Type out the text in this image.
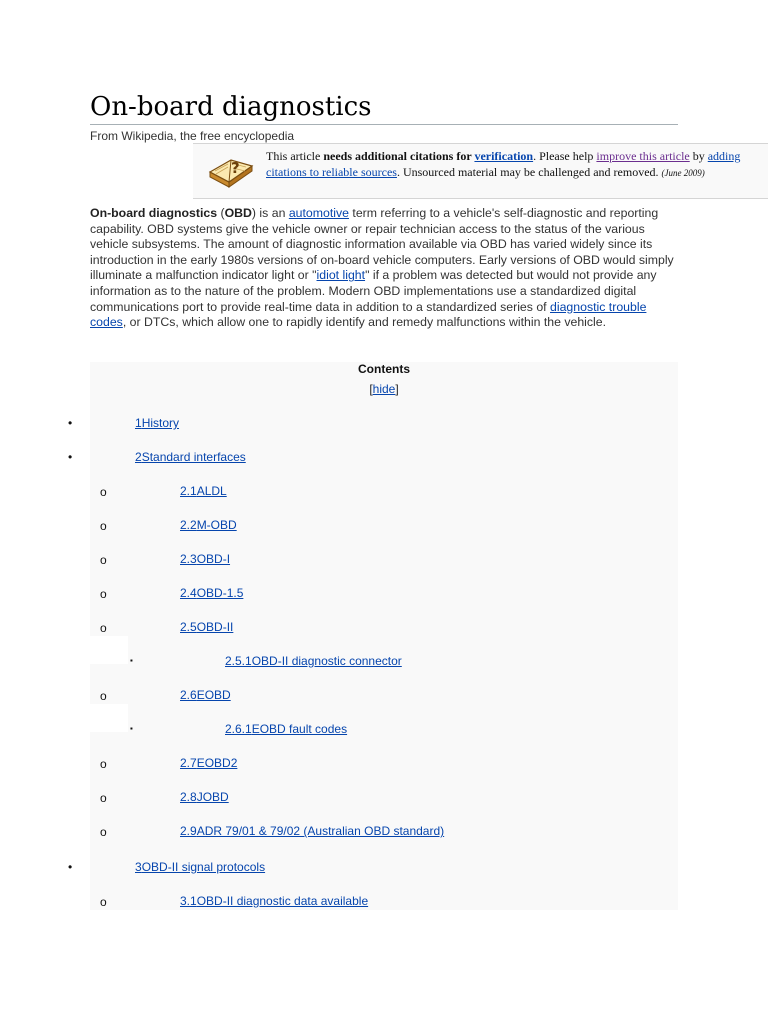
On-board diagnostics
From Wikipedia, the free encyclopedia
?
This article needs additional citations for verification. Please help improve this article by adding citations to reliable sources. Unsourced material may be challenged and removed. (June 2009)

On-board diagnostics (OBD) is an automotive term referring to a vehicle's self-diagnostic and reporting capability. OBD systems give the vehicle owner or repair technician access to the status of the various vehicle subsystems. The amount of diagnostic information available via OBD has varied widely since its introduction in the early 1980s versions of on-board vehicle computers. Early versions of OBD would simply illuminate a malfunction indicator light or "idiot light" if a problem was detected but would not provide any information as to the nature of the problem. Modern OBD implementations use a standardized digital communications port to provide real-time data in addition to a standardized series of diagnostic trouble codes, or DTCs, which allow one to rapidly identify and remedy malfunctions within the vehicle.

Contents
[hide]
•	1History
•	2Standard interfaces
o	2.1ALDL
o	2.2M-OBD
o	2.3OBD-I
o	2.4OBD-1.5
o	2.5OBD-II
▪	2.5.1OBD-II diagnostic connector
o	2.6EOBD
▪	2.6.1EOBD fault codes
o	2.7EOBD2
o	2.8JOBD
o	2.9ADR 79/01 & 79/02 (Australian OBD standard)
•	3OBD-II signal protocols
o	3.1OBD-II diagnostic data available
